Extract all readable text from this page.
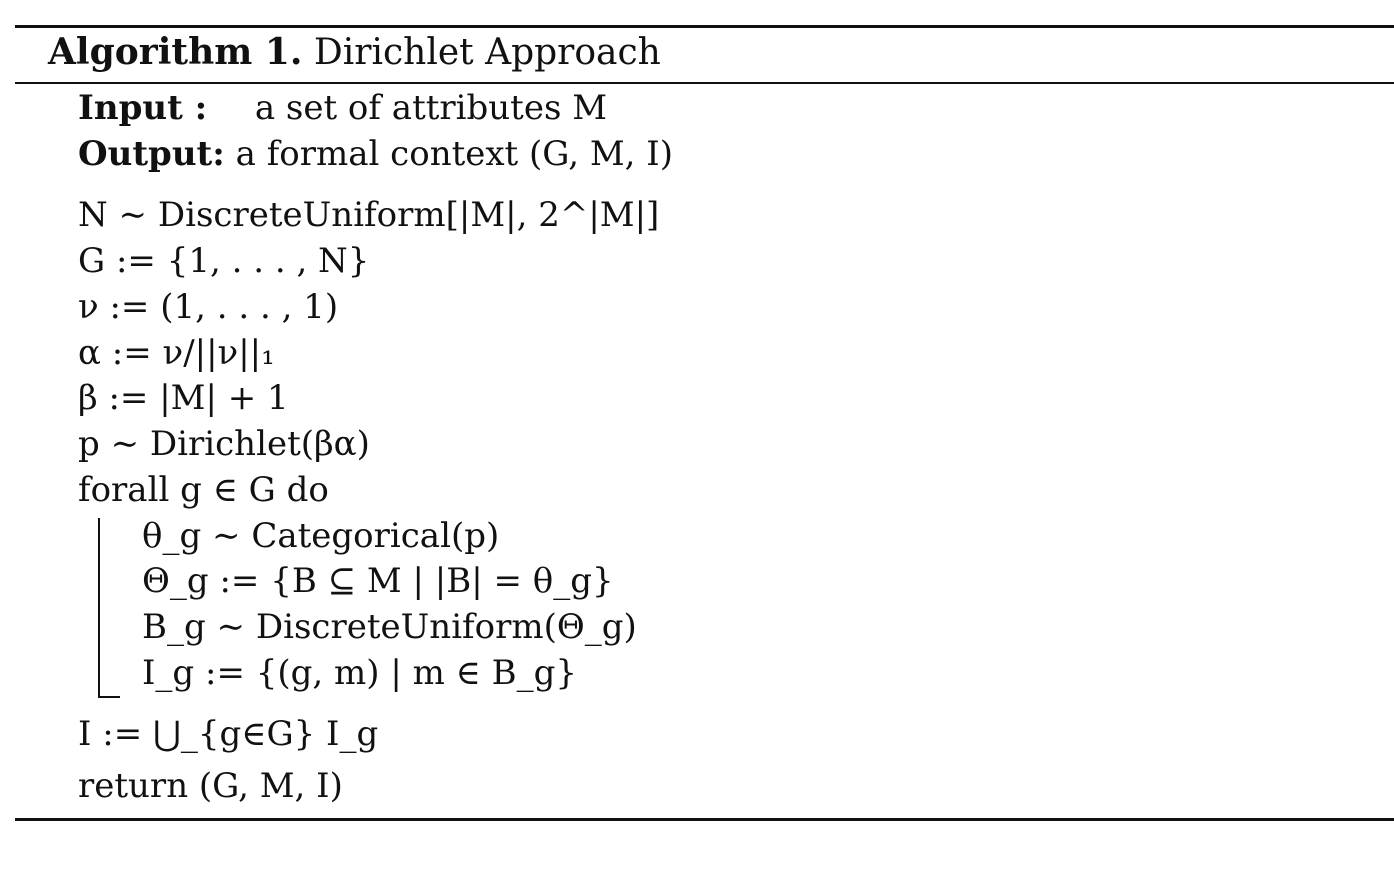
Algorithm 1. Dirichlet Approach
Input : a set of attributes M
Output: a formal context (G, M, I)
N ∼ DiscreteUniform[|M|, 2^|M|]
G := {1, . . . , N}
ν := (1, . . . , 1)
α := ν/||ν||₁
β := |M| + 1
p ∼ Dirichlet(βα)
forall g ∈ G do
θ_g ∼ Categorical(p)
Θ_g := {B ⊆ M | |B| = θ_g}
B_g ∼ DiscreteUniform(Θ_g)
I_g := {(g, m) | m ∈ B_g}
I := ⋃_{g∈G} I_g
return (G, M, I)
